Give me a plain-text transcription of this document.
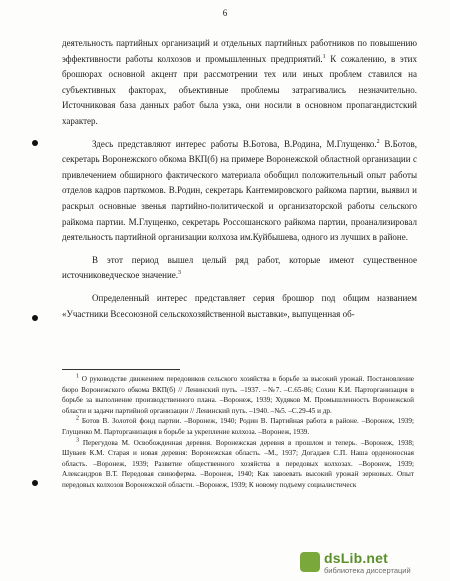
6

деятельность партийных организаций и отдельных партийных работников по повышению эффективности работы колхозов и промышленных предприятий.$^1$ К сожалению, в этих брошюрах основной акцент при рассмотрении тех или иных проблем ставился на субъективных факторах, объективные проблемы затрагивались незначительно. Источниковая база данных работ была узка, они носили в основном пропагандистский характер.

Здесь представляют интерес работы В.Ботова, В.Родина, М.Глущенко.$^2$ В.Ботов, секретарь Воронежского обкома ВКП(б) на примере Воронежской областной организации с привлечением обширного фактического материала обобщил положительный опыт работы отделов кадров парткомов. В.Родин, секретарь Кантемировского райкома партии, выявил и раскрыл основные звенья партийно-политической и организаторской работы сельского райкома партии. М.Глущенко, секретарь Россошанского райкома партии, проанализировал деятельность партийной организации колхоза им.Куйбышева, одного из лучших в районе.

В этот период вышел целый ряд работ, которые имеют существенное источниковедческое значение.$^3$

Определенный интерес представляет серия брошюр под общим названием «Участники Всесоюзной сельскохозяйственной выставки», выпущенная об-

$^1$ О руководстве движением передовиков сельского хозяйства в борьбе за высокий урожай. Постановление бюро Воронежского обкома ВКП(б) // Ленинский путь. –1937. –№7. –С.65-86; Сохин К.И. Парторганизация в борьбе за выполнение производственного плана. –Воронеж, 1939; Худяков М. Промышленность Воронежской области и задачи партийной организации // Ленинский путь. –1940. –№5. –С.29-45 и др.

$^2$ Ботов В. Золотой фонд партии. –Воронеж, 1940; Родин В. Партийная работа в районе. –Воронеж, 1939; Глущенко М. Парторганизация в борьбе за укрепление колхоза. –Воронеж, 1939.

$^3$ Перегудова М. Освобожденная деревня. Воронежская деревня в прошлом и теперь. –Воронеж, 1938; Шуваев К.М. Старая и новая деревня: Воронежская область. –М., 1937; Догадаев С.П. Наша орденоносная область. –Воронеж, 1939; Развитие общественного хозяйства в передовых колхозах. –Воронеж, 1939; Александров В.Т. Передовая свиноферма. –Воронеж, 1940; Как завоевать высокий урожай зерновых. Опыт передовых колхозов Воронежской области. –Воронеж, 1939; К новому подъему социалистическ

dsLib.net
библиотека диссертаций
